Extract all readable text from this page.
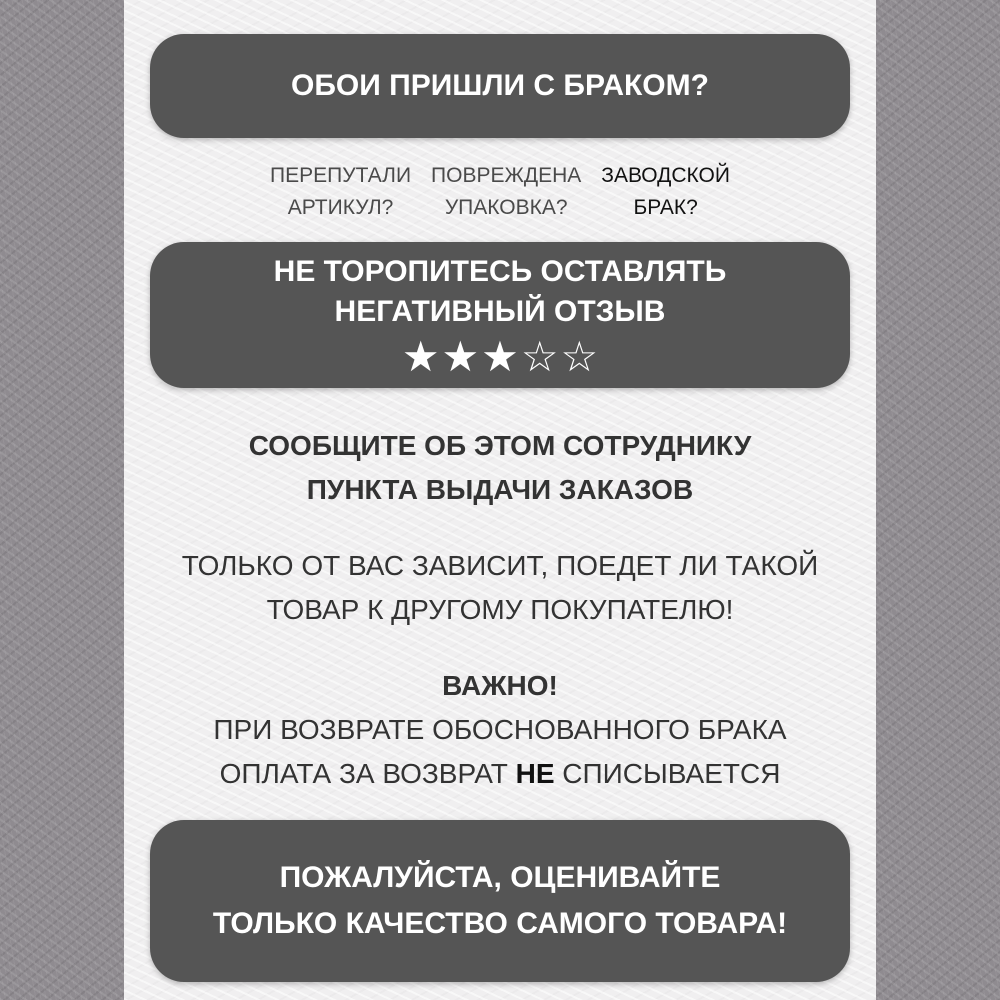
ОБОИ ПРИШЛИ С БРАКОМ?
ПЕРЕПУТАЛИ
АРТИКУЛ?
ПОВРЕЖДЕНА
УПАКОВКА?
ЗАВОДСКОЙ
БРАК?
НЕ ТОРОПИТЕСЬ ОСТАВЛЯТЬ
НЕГАТИВНЫЙ ОТЗЫВ
★ ★ ★ ☆ ☆
СООБЩИТЕ ОБ ЭТОМ СОТРУДНИКУ
ПУНКТА ВЫДАЧИ ЗАКАЗОВ
ТОЛЬКО ОТ ВАС ЗАВИСИТ, ПОЕДЕТ ЛИ ТАКОЙ
ТОВАР К ДРУГОМУ ПОКУПАТЕЛЮ!
ВАЖНО!
ПРИ ВОЗВРАТЕ ОБОСНОВАННОГО БРАКА
ОПЛАТА ЗА ВОЗВРАТ НЕ СПИСЫВАЕТСЯ
ПОЖАЛУЙСТА, ОЦЕНИВАЙТЕ
ТОЛЬКО КАЧЕСТВО САМОГО ТОВАРА!
